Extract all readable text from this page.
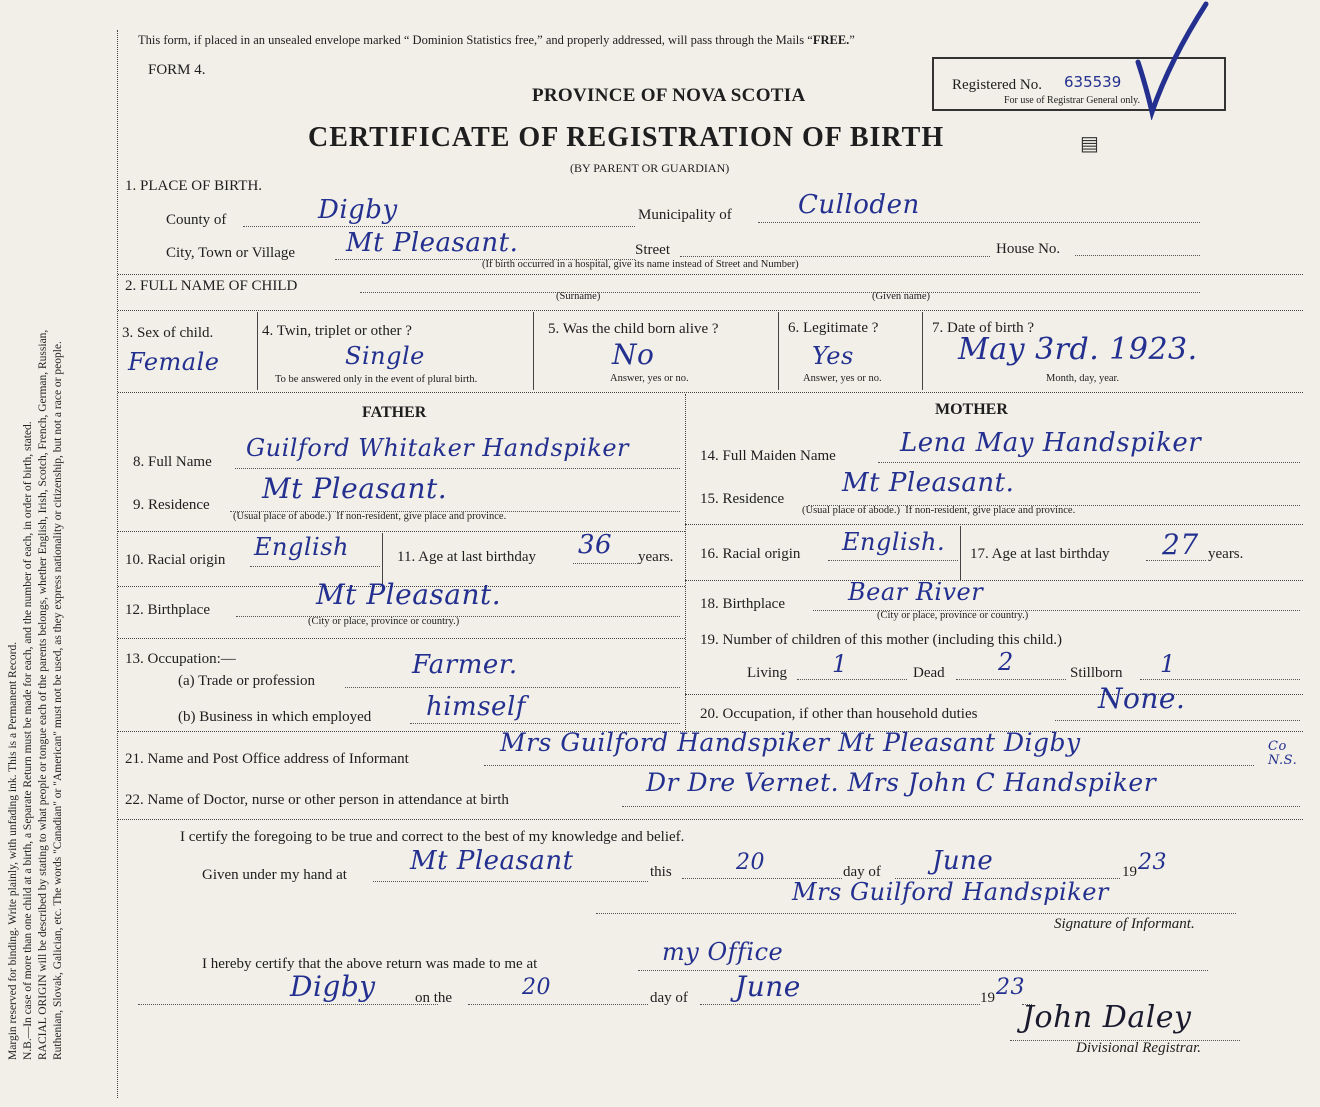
Margin reserved for binding. Write plainly, with unfading ink. This is a Permanent Record. N.B.—In case of more than one child at a birth, a Separate Return must be made for each, and the number of each, in order of birth, stated. RACIAL ORIGIN will be described by stating to what people or tongue each of the parents belongs, whether English, Irish, Scotch, French, German, Russian, Ruthenian, Slovak, Galician, etc. The words "Canadian" or "American" must not be used, as they express nationality or citizenship, but not a race or people.
This form, if placed in an unsealed envelope marked “ Dominion Statistics free,” and properly addressed, will pass through the Mails “FREE.”
FORM 4.
PROVINCE OF NOVA SCOTIA
CERTIFICATE OF REGISTRATION OF BIRTH	▤
(BY PARENT OR GUARDIAN)
Registered No. 635539
For use of Registrar General only.
1. PLACE OF BIRTH.
County of	Digby	Municipality of	Culloden
City, Town or Village Mt Pleasant.	Street	House No.
(If birth occurred in a hospital, give its name instead of Street and Number)
2. FULL NAME OF CHILD
(Surname)	(Given name)
3. Sex of child.
Female
4. Twin, triplet or other ?
Single
To be answered only in the event of plural birth.
5. Was the child born alive ?
No
Answer, yes or no.
6. Legitimate ?
Yes
Answer, yes or no.
7. Date of birth ?
May 3rd. 1923.
Month, day, year.
FATHER	MOTHER
8. Full Name Guilford Whitaker Handspiker
9. Residence Mt Pleasant.
(Usual place of abode.) If non-resident, give place and province.
10. Racial origin English	11. Age at last birthday 36 years.
12. Birthplace	Mt Pleasant.
(City or place, province or country.)
13. Occupation:—
(a) Trade or profession
Farmer.
(b) Business in which employed himself
14. Full Maiden Name Lena May Handspiker
15. Residence
Mt Pleasant.
(Usual place of abode.) If non-resident, give place and province.
16. Racial origin English. 17. Age at last birthday 27 years.
18. Birthplace	Bear River
(City or place, province or country.)
19. Number of children of this mother (including this child.)
Living 1	Dead 2	Stillborn 1
20. Occupation, if other than household duties	None.
21. Name and Post Office address of Informant
Mrs Guilford Handspiker Mt Pleasant Digby	Co N.S.
22. Name of Doctor, nurse or other person in attendance at birth
Dr Dre Vernet. Mrs John C Handspiker
I certify the foregoing to be true and correct to the best of my knowledge and belief.
Given under my hand at Mt Pleasant	this	20	day of June	19 23
Mrs Guilford Handspiker
Signature of Informant.
I hereby certify that the above return was made to me at	my Office
Digby	on the	20	day of June	19 23
John Daley
Divisional Registrar.
